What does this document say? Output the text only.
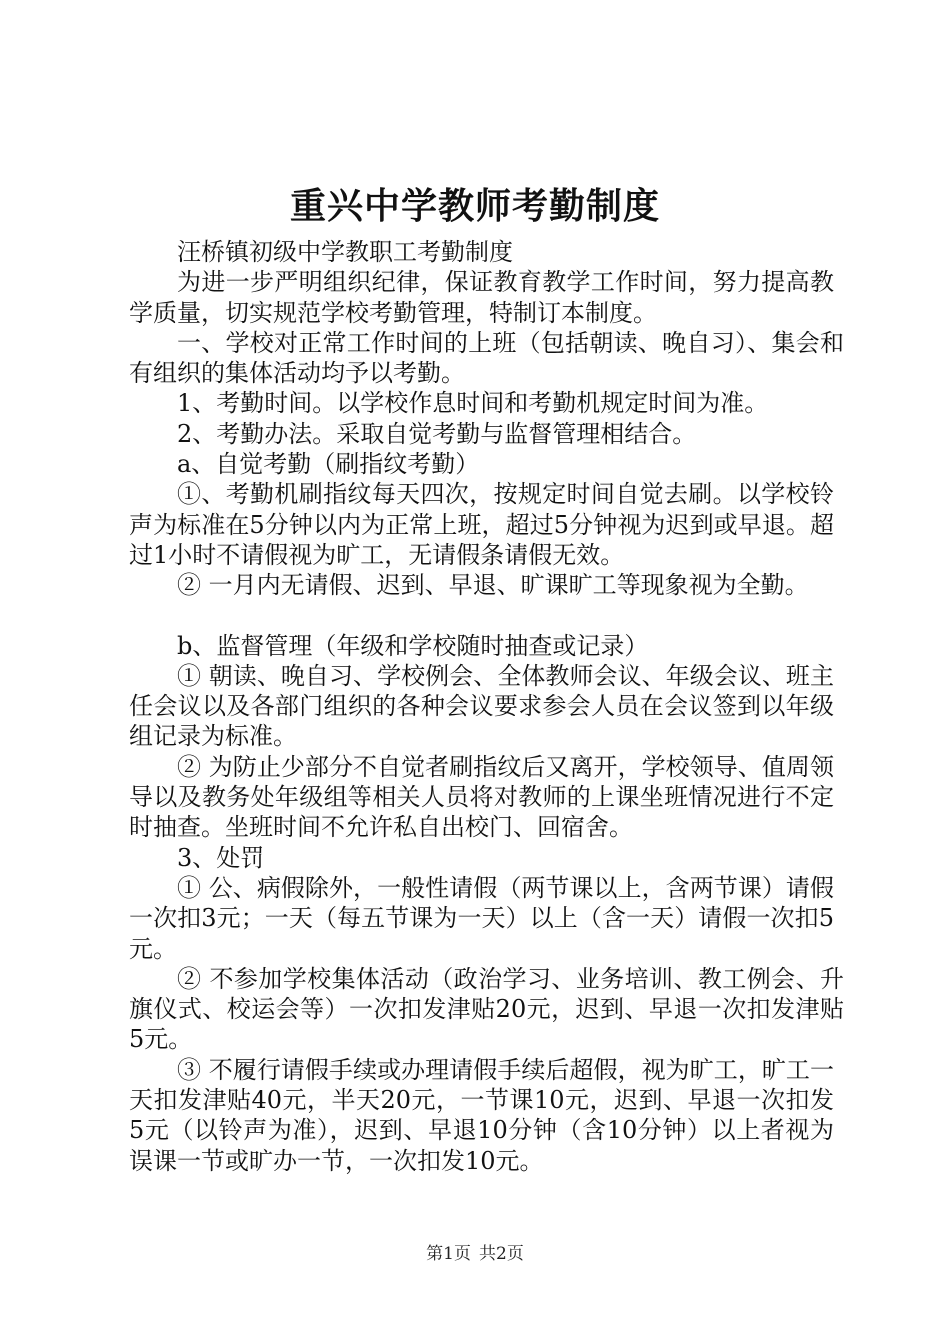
重兴中学教师考勤制度

汪桥镇初级中学教职工考勤制度

为进一步严明组织纪律，保证教育教学工作时间，努力提高教学质量，切实规范学校考勤管理，特制订本制度。

一、学校对正常工作时间的上班（包括朝读、晚自习）、集会和有组织的集体活动均予以考勤。

1、考勤时间。以学校作息时间和考勤机规定时间为准。

2、考勤办法。采取自觉考勤与监督管理相结合。

a、自觉考勤（刷指纹考勤）

①、考勤机刷指纹每天四次，按规定时间自觉去刷。以学校铃声为标准在5分钟以内为正常上班，超过5分钟视为迟到或早退。超过1小时不请假视为旷工，无请假条请假无效。

② 一月内无请假、迟到、早退、旷课旷工等现象视为全勤。

b、监督管理（年级和学校随时抽查或记录）

① 朝读、晚自习、学校例会、全体教师会议、年级会议、班主任会议以及各部门组织的各种会议要求参会人员在会议签到以年级组记录为标准。

② 为防止少部分不自觉者刷指纹后又离开，学校领导、值周领导以及教务处年级组等相关人员将对教师的上课坐班情况进行不定时抽查。坐班时间不允许私自出校门、回宿舍。

3、处罚

① 公、病假除外，一般性请假（两节课以上，含两节课）请假一次扣3元；一天（每五节课为一天）以上（含一天）请假一次扣5元。

② 不参加学校集体活动（政治学习、业务培训、教工例会、升旗仪式、校运会等）一次扣发津贴20元，迟到、早退一次扣发津贴5元。

③ 不履行请假手续或办理请假手续后超假，视为旷工，旷工一天扣发津贴40元，半天20元，一节课10元，迟到、早退一次扣发5元（以铃声为准），迟到、早退10分钟（含10分钟）以上者视为误课一节或旷办一节，一次扣发10元。

第1页 共2页
